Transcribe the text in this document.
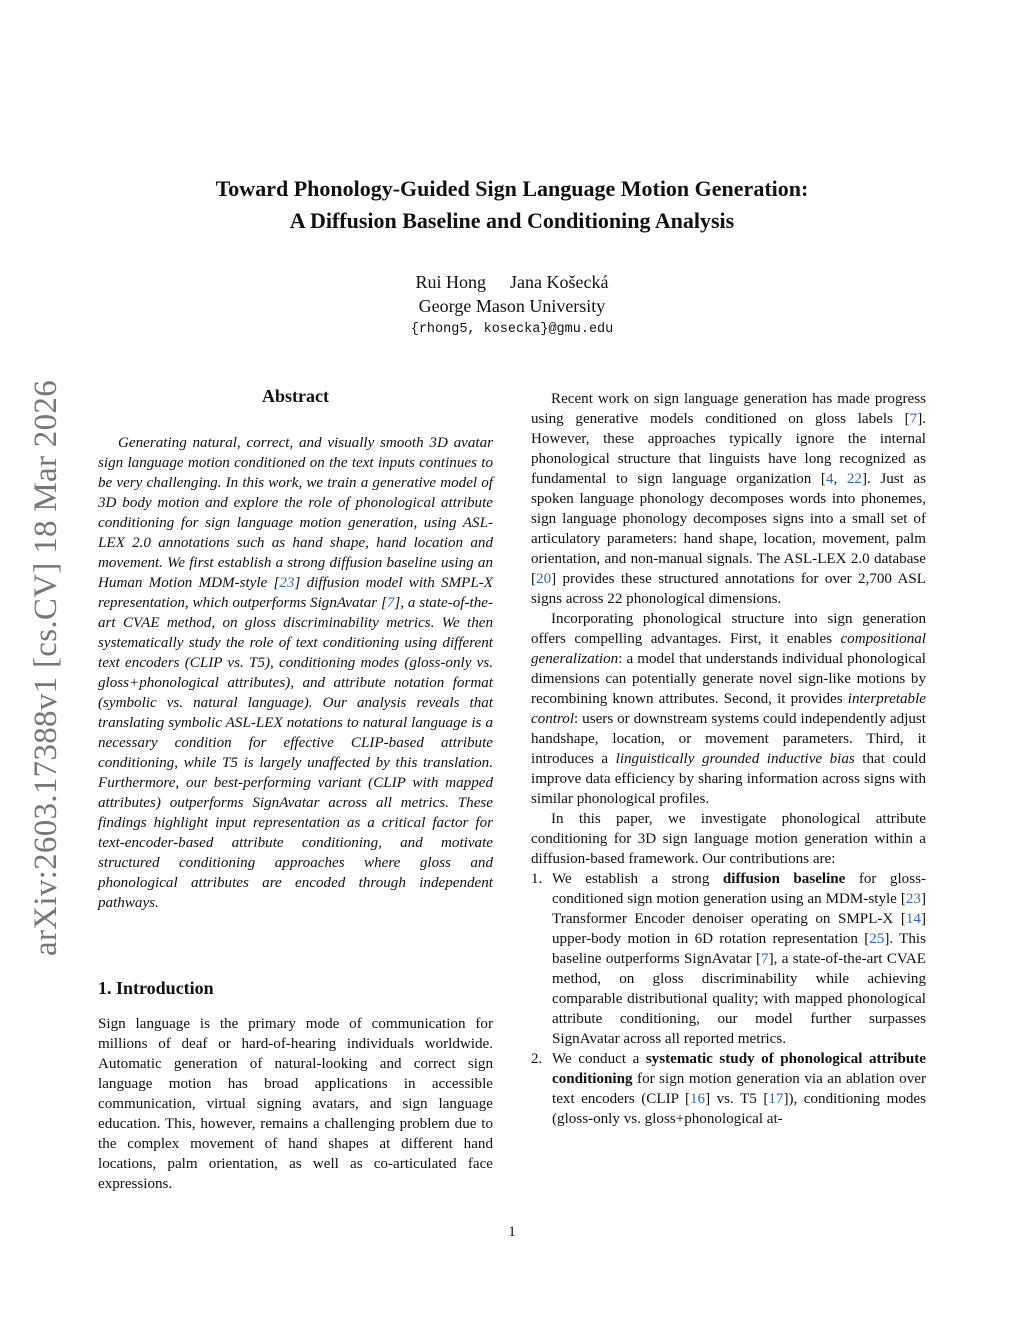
arXiv:2603.17388v1 [cs.CV] 18 Mar 2026
Toward Phonology-Guided Sign Language Motion Generation:
A Diffusion Baseline and Conditioning Analysis
Rui Hong Jana Košecká
George Mason University
{rhong5, kosecka}@gmu.edu
Abstract

Generating natural, correct, and visually smooth 3D avatar sign language motion conditioned on the text inputs continues to be very challenging. In this work, we train a generative model of 3D body motion and explore the role of phonological attribute conditioning for sign language motion generation, using ASL-LEX 2.0 annotations such as hand shape, hand location and movement. We first establish a strong diffusion baseline using an Human Motion MDM-style [23] diffusion model with SMPL-X representation, which outperforms SignAvatar [7], a state-of-the-art CVAE method, on gloss discriminability metrics. We then systematically study the role of text conditioning using different text encoders (CLIP vs. T5), conditioning modes (gloss-only vs. gloss+phonological attributes), and attribute notation format (symbolic vs. natural language). Our analysis reveals that translating symbolic ASL-LEX notations to natural language is a necessary condition for effective CLIP-based attribute conditioning, while T5 is largely unaffected by this translation. Furthermore, our best-performing variant (CLIP with mapped attributes) outperforms SignAvatar across all metrics. These findings highlight input representation as a critical factor for text-encoder-based attribute conditioning, and motivate structured conditioning approaches where gloss and phonological attributes are encoded through independent pathways.

1. Introduction

Sign language is the primary mode of communication for millions of deaf or hard-of-hearing individuals worldwide. Automatic generation of natural-looking and correct sign language motion has broad applications in accessible communication, virtual signing avatars, and sign language education. This, however, remains a challenging problem due to the complex movement of hand shapes at different hand locations, palm orientation, as well as co-articulated face expressions.

Recent work on sign language generation has made progress using generative models conditioned on gloss labels [7]. However, these approaches typically ignore the internal phonological structure that linguists have long recognized as fundamental to sign language organization [4, 22]. Just as spoken language phonology decomposes words into phonemes, sign language phonology decomposes signs into a small set of articulatory parameters: hand shape, location, movement, palm orientation, and non-manual signals. The ASL-LEX 2.0 database [20] provides these structured annotations for over 2,700 ASL signs across 22 phonological dimensions.

Incorporating phonological structure into sign generation offers compelling advantages. First, it enables compositional generalization: a model that understands individual phonological dimensions can potentially generate novel sign-like motions by recombining known attributes. Second, it provides interpretable control: users or downstream systems could independently adjust handshape, location, or movement parameters. Third, it introduces a linguistically grounded inductive bias that could improve data efficiency by sharing information across signs with similar phonological profiles.

In this paper, we investigate phonological attribute conditioning for 3D sign language motion generation within a diffusion-based framework. Our contributions are:

1. We establish a strong diffusion baseline for gloss-conditioned sign motion generation using an MDM-style [23] Transformer Encoder denoiser operating on SMPL-X [14] upper-body motion in 6D rotation representation [25]. This baseline outperforms SignAvatar [7], a state-of-the-art CVAE method, on gloss discriminability while achieving comparable distributional quality; with mapped phonological attribute conditioning, our model further surpasses SignAvatar across all reported metrics.
2. We conduct a systematic study of phonological attribute conditioning for sign motion generation via an ablation over text encoders (CLIP [16] vs. T5 [17]), conditioning modes (gloss-only vs. gloss+phonological at-
1
